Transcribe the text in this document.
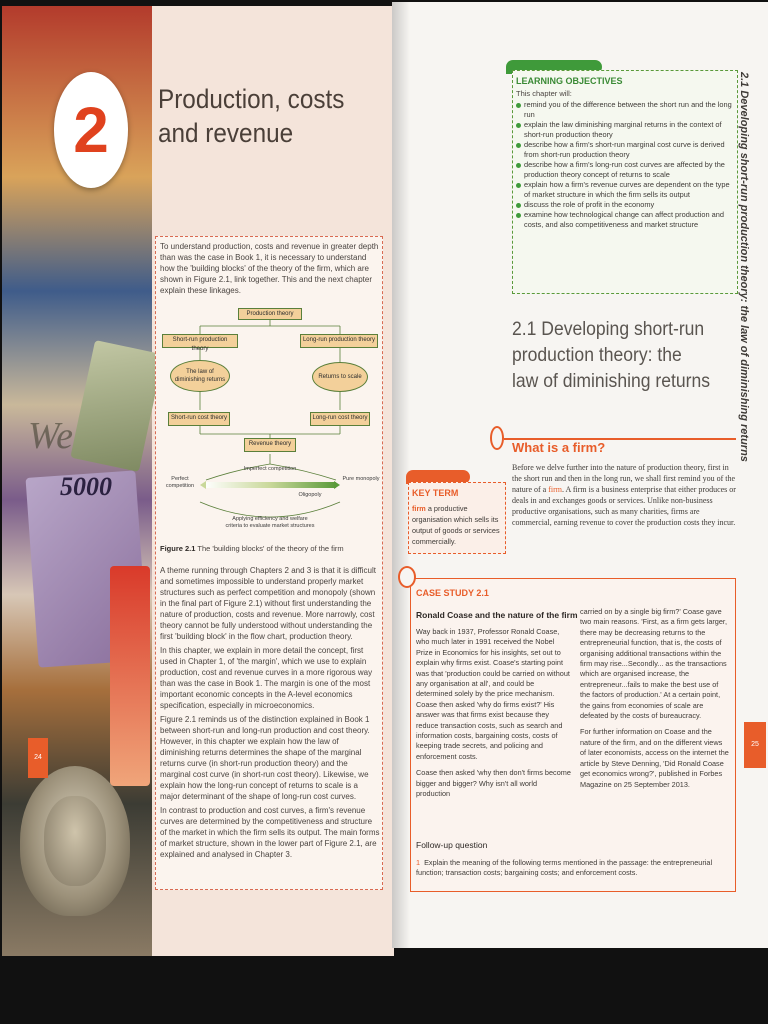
We
5000
24
2	Production, costs
and revenue
To understand production, costs and revenue in greater depth than was the case in Book 1, it is necessary to understand how the 'building blocks' of the theory of the firm, which are shown in Figure 2.1, link together. This and the next chapter explain these linkages.
Production theory
Short-run production theory
Long-run production theory
The law of diminishing returns	Returns to scale
Short-run cost theory	Long-run cost theory
Revenue theory
Imperfect competition
Perfect competition
Pure monopoly
Oligopoly
Applying efficiency and welfare criteria to evaluate market structures
Figure 2.1 The 'building blocks' of the theory of the firm

A theme running through Chapters 2 and 3 is that it is difficult and sometimes impossible to understand properly market structures such as perfect competition and monopoly (shown in the final part of Figure 2.1) without first understanding the nature of production, costs and revenue. More narrowly, cost theory cannot be fully understood without understanding the first 'building block' in the flow chart, production theory.

In this chapter, we explain in more detail the concept, first used in Chapter 1, of 'the margin', which we use to explain production, cost and revenue curves in a more rigorous way than was the case in Book 1. The margin is one of the most important economic concepts in the A-level economics specification, especially in microeconomics.

Figure 2.1 reminds us of the distinction explained in Book 1 between short-run and long-run production and cost theory. However, in this chapter we explain how the law of diminishing returns determines the shape of the marginal returns curve (in short-run production theory) and the marginal cost curve (in short-run cost theory). Likewise, we explain how the long-run concept of returns to scale is a major determinant of the shape of long-run cost curves.

In contrast to production and cost curves, a firm's revenue curves are determined by the competitiveness and structure of the market in which the firm sells its output. The main forms of market structure, shown in the lower part of Figure 2.1, are explained and analysed in Chapter 3.

LEARNING OBJECTIVES
This chapter will:
remind you of the difference between the short run and the long run
explain the law diminishing marginal returns in the context of short-run production theory
describe how a firm's short-run marginal cost curve is derived from short-run production theory
describe how a firm's long-run cost curves are affected by the production theory concept of returns to scale
explain how a firm's revenue curves are dependent on the type of market structure in which the firm sells its output
discuss the role of profit in the economy
examine how technological change can affect production and costs, and also competitiveness and market structure	2.1 Developing short-run production theory: the law of diminishing returns
2.1 Developing short-run production theory: the law of diminishing returns
What is a firm?
Before we delve further into the nature of production theory, first in the short run and then in the long run, we shall first remind you of the nature of a firm. A firm is a business enterprise that either produces or deals in and exchanges goods or services. Unlike non-business productive organisations, such as many charities, firms are commercial, earning revenue to cover the production costs they incur.
KEY TERM
firm a productive organisation which sells its output of goods or services commercially.
CASE STUDY 2.1
Ronald Coase and the nature of the firm

Way back in 1937, Professor Ronald Coase, who much later in 1991 received the Nobel Prize in Economics for his insights, set out to explain why firms exist. Coase's starting point was that 'production could be carried on without any organisation at all', and could be determined solely by the price mechanism. Coase then asked 'why do firms exist?' His answer was that firms exist because they reduce transaction costs, such as search and information costs, bargaining costs, costs of keeping trade secrets, and policing and enforcement costs.

Coase then asked 'why then don't firms become bigger and bigger? Why isn't all world production

carried on by a single big firm?' Coase gave two main reasons. 'First, as a firm gets larger, there may be decreasing returns to the entrepreneurial function, that is, the costs of organising additional transactions within the firm may rise...Secondly... as the transactions which are organised increase, the entrepreneur...fails to make the best use of the factors of production.' At a certain point, the gains from economies of scale are defeated by the costs of bureaucracy.

For further information on Coase and the nature of the firm, and on the different views of later economists, access on the internet the article by Steve Denning, 'Did Ronald Coase get economics wrong?', published in Forbes Magazine on 25 September 2013.

Follow-up question
1 Explain the meaning of the following terms mentioned in the passage: the entrepreneurial function; transaction costs; bargaining costs; and enforcement costs.
25
